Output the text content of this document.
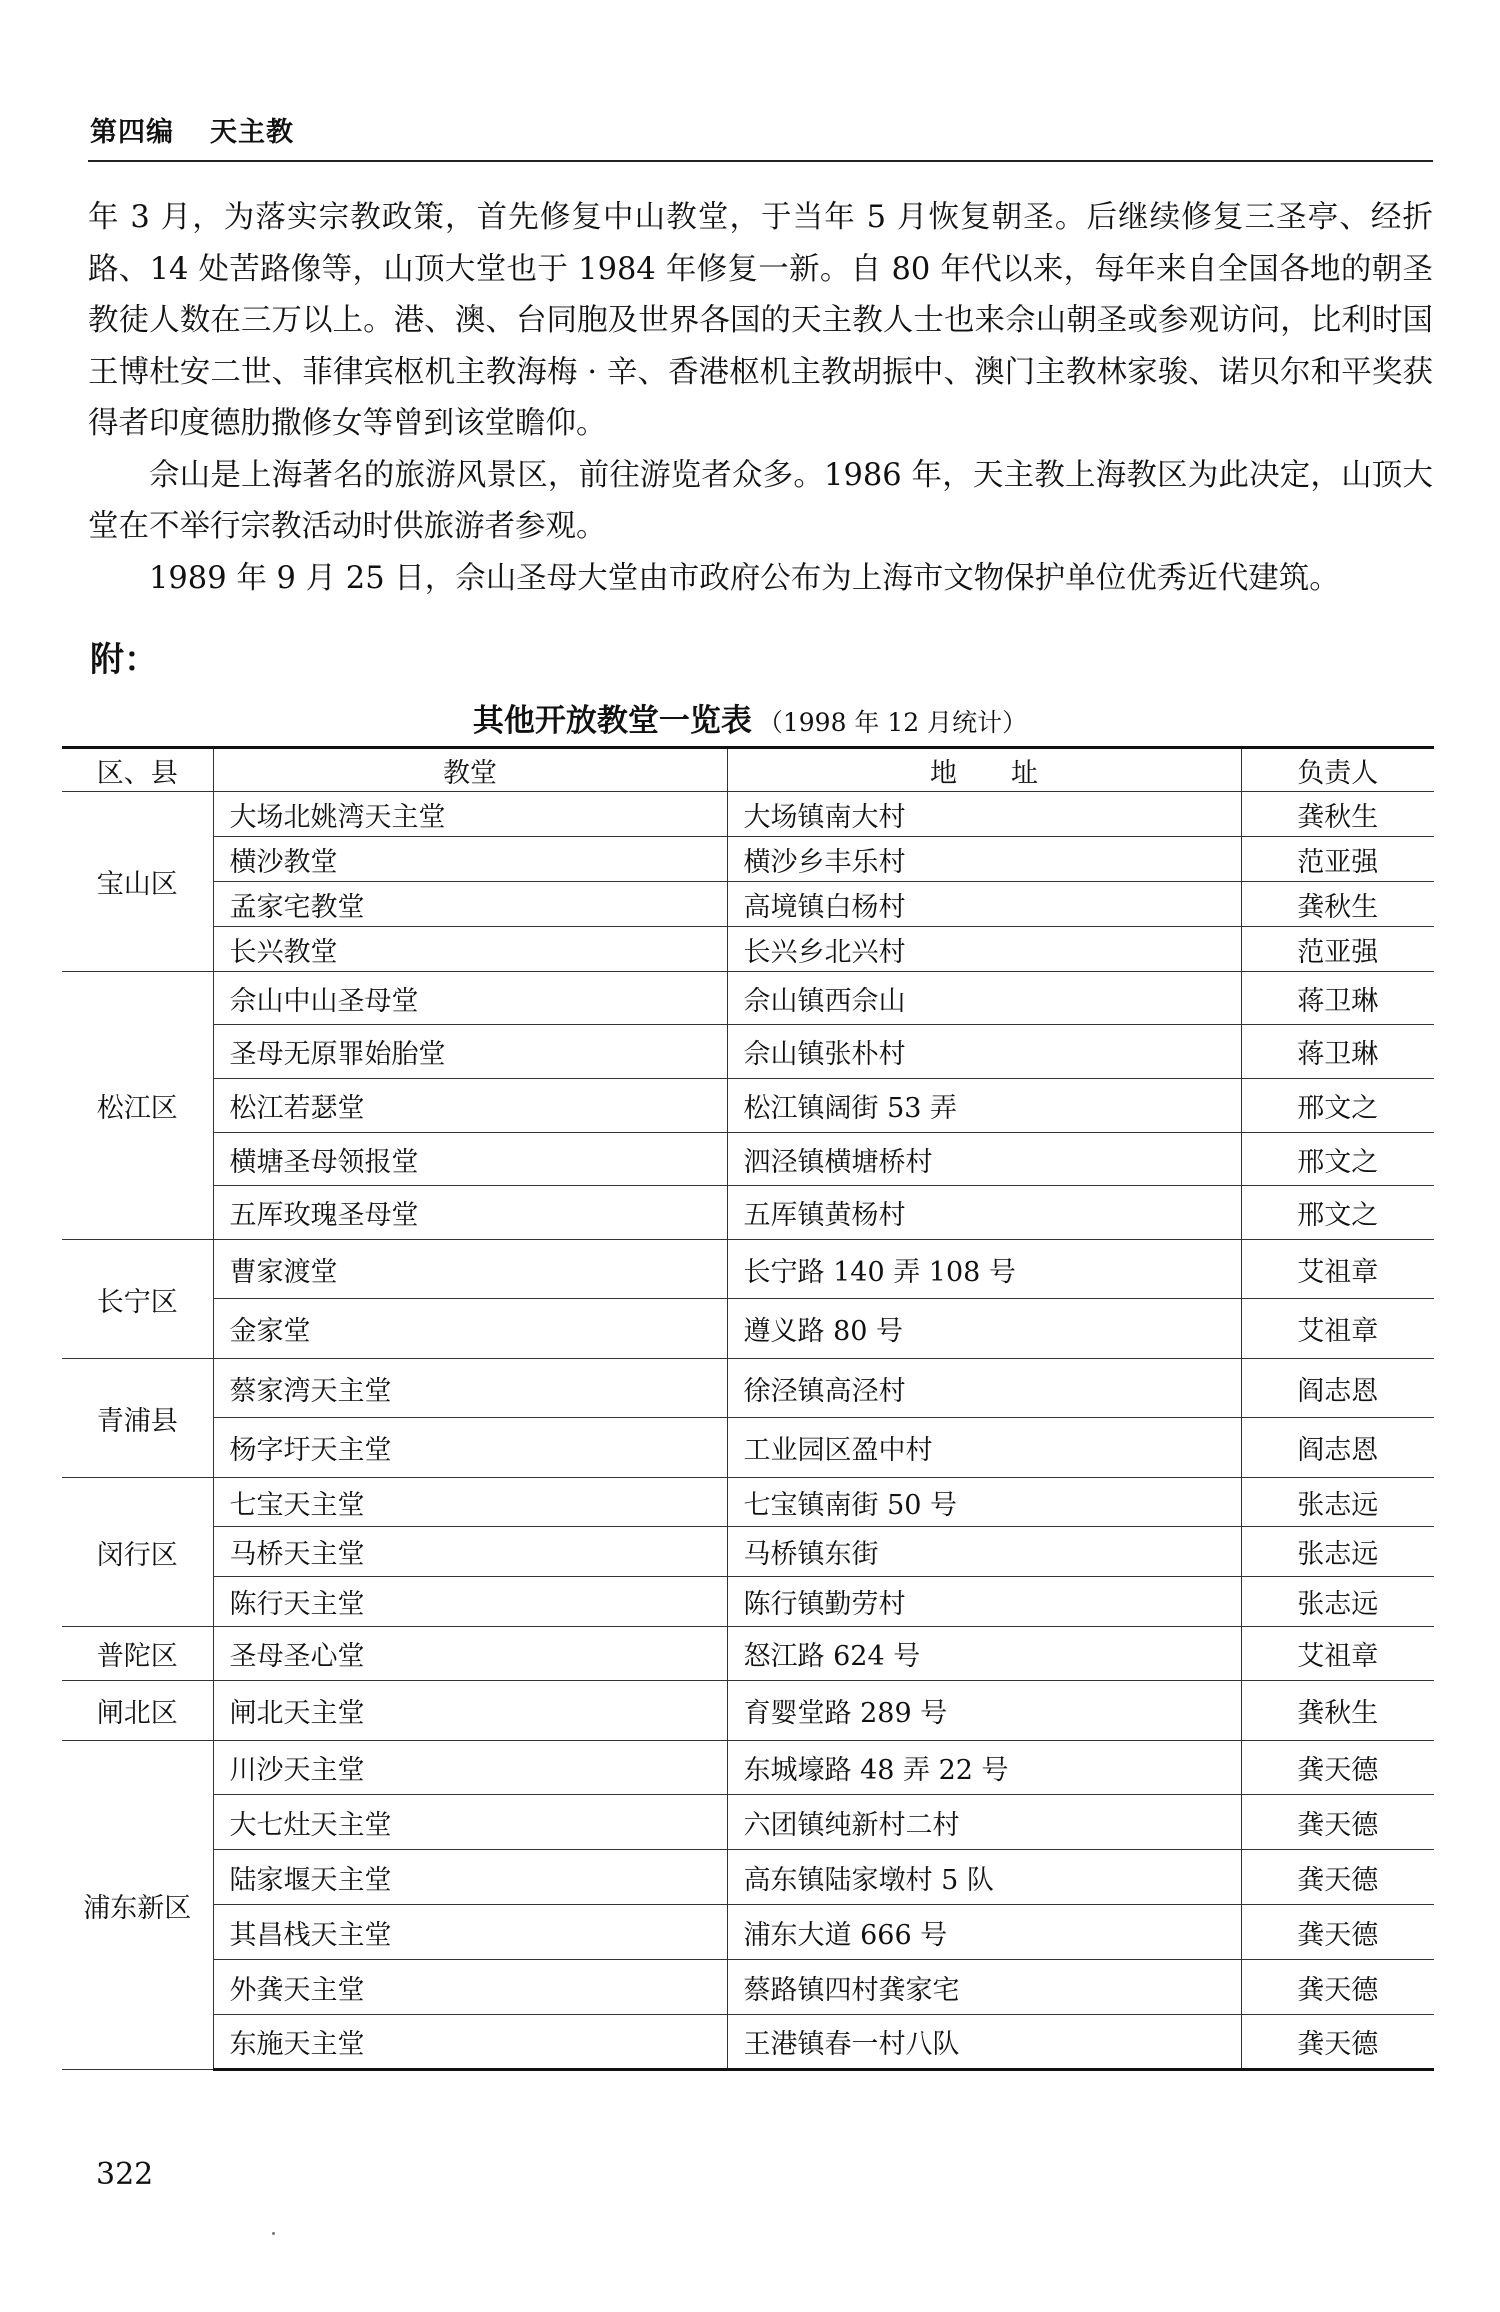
第四编 天主教

年 3 月，为落实宗教政策，首先修复中山教堂，于当年 5 月恢复朝圣。后继续修复三圣亭、经折路、14 处苦路像等，山顶大堂也于 1984 年修复一新。自 80 年代以来，每年来自全国各地的朝圣教徒人数在三万以上。港、澳、台同胞及世界各国的天主教人士也来佘山朝圣或参观访问，比利时国王博杜安二世、菲律宾枢机主教海梅 · 辛、香港枢机主教胡振中、澳门主教林家骏、诺贝尔和平奖获得者印度德肋撒修女等曾到该堂瞻仰。

佘山是上海著名的旅游风景区，前往游览者众多。1986 年，天主教上海教区为此决定，山顶大堂在不举行宗教活动时供旅游者参观。

1989 年 9 月 25 日，佘山圣母大堂由市政府公布为上海市文物保护单位优秀近代建筑。

附：
其他开放教堂一览表 （1998 年 12 月统计）
区、县	教堂	地　　址	负责人
宝山区	大场北姚湾天主堂	大场镇南大村	龚秋生
	横沙教堂	横沙乡丰乐村	范亚强
	孟家宅教堂	高境镇白杨村	龚秋生
	长兴教堂	长兴乡北兴村	范亚强
松江区	佘山中山圣母堂	佘山镇西佘山	蒋卫琳
	圣母无原罪始胎堂	佘山镇张朴村	蒋卫琳
	松江若瑟堂	松江镇阔街 53 弄	邢文之
	横塘圣母领报堂	泗泾镇横塘桥村	邢文之
	五厍玫瑰圣母堂	五厍镇黄杨村	邢文之
长宁区	曹家渡堂	长宁路 140 弄 108 号	艾祖章
	金家堂	遵义路 80 号	艾祖章
青浦县	蔡家湾天主堂	徐泾镇高泾村	阎志恩
	杨字圩天主堂	工业园区盈中村	阎志恩
闵行区	七宝天主堂	七宝镇南街 50 号	张志远
	马桥天主堂	马桥镇东街	张志远
	陈行天主堂	陈行镇勤劳村	张志远
普陀区	圣母圣心堂	怒江路 624 号	艾祖章
闸北区	闸北天主堂	育婴堂路 289 号	龚秋生
浦东新区	川沙天主堂	东城壕路 48 弄 22 号	龚天德
	大七灶天主堂	六团镇纯新村二村	龚天德
	陆家堰天主堂	高东镇陆家墩村 5 队	龚天德
	其昌栈天主堂	浦东大道 666 号	龚天德
	外龚天主堂	蔡路镇四村龚家宅	龚天德
	东施天主堂	王港镇春一村八队	龚天德
322
